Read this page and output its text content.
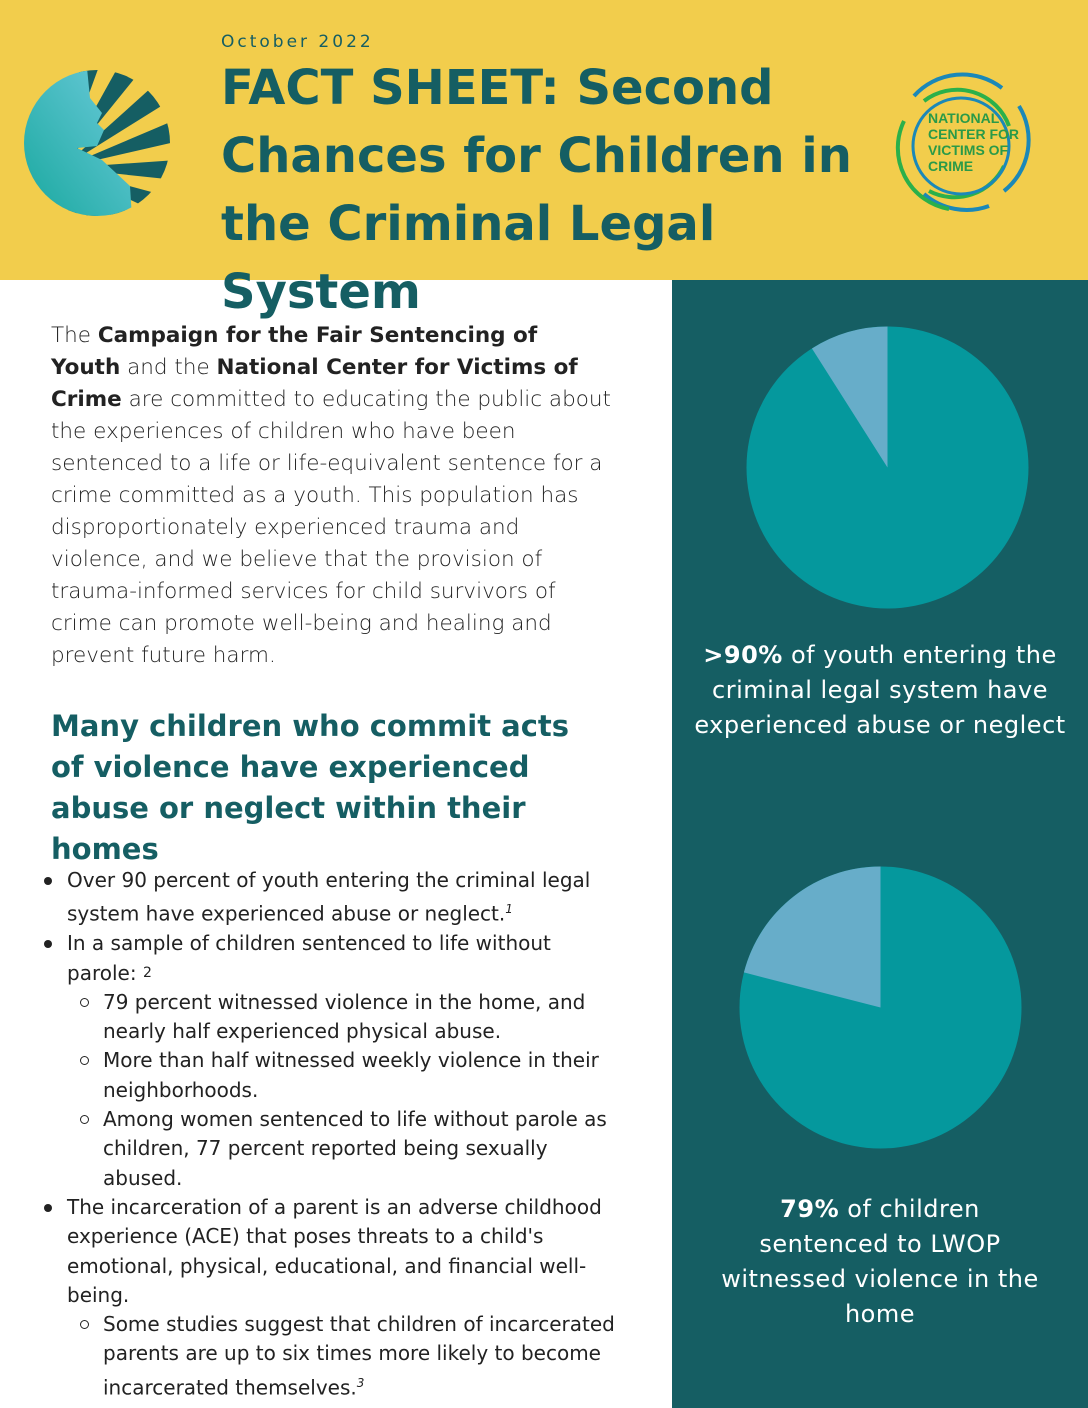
October 2022
FACT SHEET: Second Chances for Children in the Criminal Legal System
NATIONAL
CENTER FOR
VICTIMS OF
CRIME
The Campaign for the Fair Sentencing of Youth and the National Center for Victims of Crime are committed to educating the public about the experiences of children who have been sentenced to a life or life-equivalent sentence for a crime committed as a youth. This population has disproportionately experienced trauma and violence, and we believe that the provision of trauma-informed services for child survivors of crime can promote well-being and healing and prevent future harm.
Many children who commit acts of violence have experienced abuse or neglect within their homes
Over 90 percent of youth entering the criminal legal system have experienced abuse or neglect.$^1$
In a sample of children sentenced to life without parole: $^2$
79 percent witnessed violence in the home, and nearly half experienced physical abuse.
More than half witnessed weekly violence in their neighborhoods.
Among women sentenced to life without parole as children, 77 percent reported being sexually abused.
The incarceration of a parent is an adverse childhood experience (ACE) that poses threats to a child's emotional, physical, educational, and financial well-being.
Some studies suggest that children of incarcerated parents are up to six times more likely to become incarcerated themselves.$^3$
>90% of youth entering the criminal legal system have experienced abuse or neglect
79% of children sentenced to LWOP witnessed violence in the home
